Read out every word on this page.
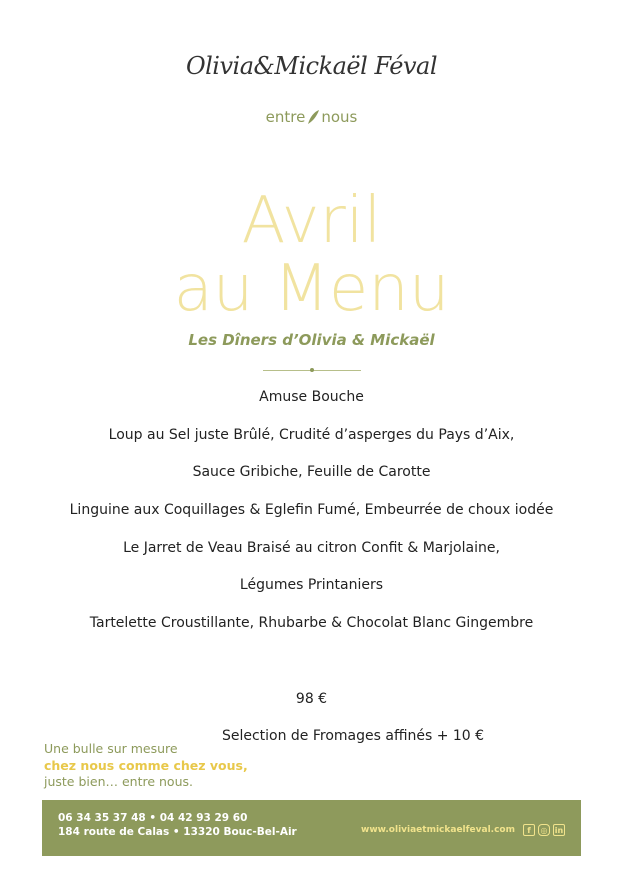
Olivia&Mickaël Féval
entre nous
Avril
au Menu
Les Dîners d’Olivia & Mickaël
Amuse Bouche
Loup au Sel juste Brûlé, Crudité d’asperges du Pays d’Aix,
Sauce Gribiche, Feuille de Carotte
Linguine aux Coquillages & Eglefin Fumé, Embeurrée de choux iodée
Le Jarret de Veau Braisé au citron Confit & Marjolaine,
Légumes Printaniers
Tartelette Croustillante, Rhubarbe & Chocolat Blanc Gingembre
98 €
Selection de Fromages affinés + 10 €
Une bulle sur mesure
chez nous comme chez vous,
juste bien… entre nous.
06 34 35 37 48 • 04 42 93 29 60
184 route de Calas • 13320 Bouc-Bel-Air	www.oliviaetmickaelfeval.com	f	◎ in
